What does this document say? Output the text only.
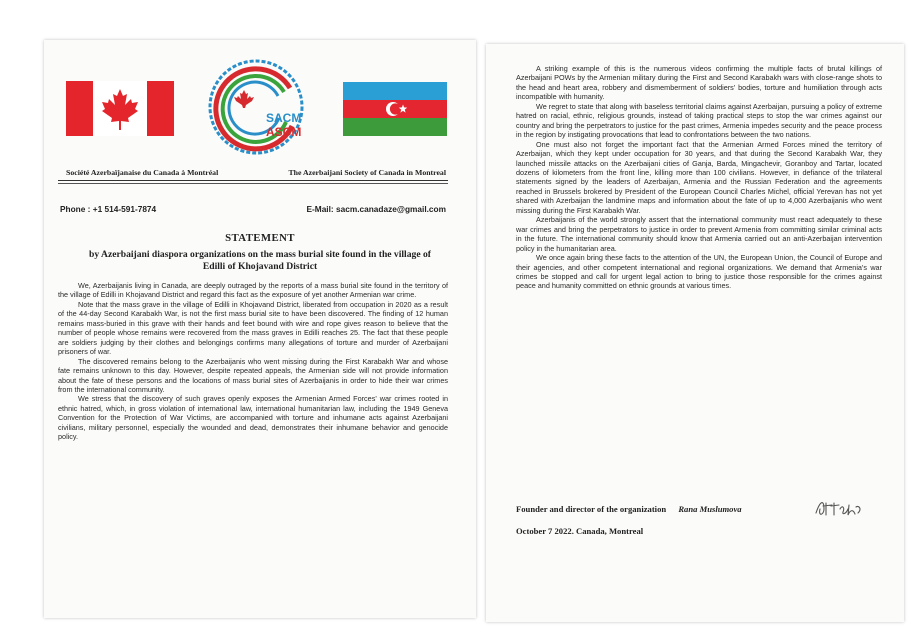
SACM
ASCM
Société Azerbaïjanaise du Canada à Montréal	The Azerbaijani Society of Canada in Montreal
Phone : +1 514-591-7874	E-Mail: sacm.canadaze@gmail.com
STATEMENT
by Azerbaijani diaspora organizations on the mass burial site found in the village of Edilli of Khojavand District

We, Azerbaijanis living in Canada, are deeply outraged by the reports of a mass burial site found in the territory of the village of Edilli in Khojavand District and regard this fact as the exposure of yet another Armenian war crime.

Note that the mass grave in the village of Edilli in Khojavand District, liberated from occupation in 2020 as a result of the 44-day Second Karabakh War, is not the first mass burial site to have been discovered. The finding of 12 human remains mass-buried in this grave with their hands and feet bound with wire and rope gives reason to believe that the number of people whose remains were recovered from the mass graves in Edilli reaches 25. The fact that these people are soldiers judging by their clothes and belongings confirms many allegations of torture and murder of Azerbaijani prisoners of war.

The discovered remains belong to the Azerbaijanis who went missing during the First Karabakh War and whose fate remains unknown to this day. However, despite repeated appeals, the Armenian side will not provide information about the fate of these persons and the locations of mass burial sites of Azerbaijanis in order to hide their war crimes from the international community.

We stress that the discovery of such graves openly exposes the Armenian Armed Forces' war crimes rooted in ethnic hatred, which, in gross violation of international law, international humanitarian law, including the 1949 Geneva Convention for the Protection of War Victims, are accompanied with torture and inhumane acts against Azerbaijani civilians, military personnel, especially the wounded and dead, demonstrates their inhumane behavior and genocide policy.

A striking example of this is the numerous videos confirming the multiple facts of brutal killings of Azerbaijani POWs by the Armenian military during the First and Second Karabakh wars with close-range shots to the head and heart area, robbery and dismemberment of soldiers' bodies, torture and humiliation through acts incompatible with humanity.

We regret to state that along with baseless territorial claims against Azerbaijan, pursuing a policy of extreme hatred on racial, ethnic, religious grounds, instead of taking practical steps to stop the war crimes against our country and bring the perpetrators to justice for the past crimes, Armenia impedes security and the peace process in the region by instigating provocations that lead to confrontations between the two nations.

One must also not forget the important fact that the Armenian Armed Forces mined the territory of Azerbaijan, which they kept under occupation for 30 years, and that during the Second Karabakh War, they launched missile attacks on the Azerbaijani cities of Ganja, Barda, Mingachevir, Goranboy and Tartar, located dozens of kilometers from the front line, killing more than 100 civilians. However, in defiance of the trilateral statements signed by the leaders of Azerbaijan, Armenia and the Russian Federation and the agreements reached in Brussels brokered by President of the European Council Charles Michel, official Yerevan has not yet shared with Azerbaijan the landmine maps and information about the fate of up to 4,000 Azerbaijanis who went missing during the First Karabakh War.

Azerbaijanis of the world strongly assert that the international community must react adequately to these war crimes and bring the perpetrators to justice in order to prevent Armenia from committing similar criminal acts in the future. The international community should know that Armenia carried out an anti-Azerbaijan intervention policy in the humanitarian area.

We once again bring these facts to the attention of the UN, the European Union, the Council of Europe and their agencies, and other competent international and regional organizations. We demand that Armenia's war crimes be stopped and call for urgent legal action to bring to justice those responsible for the crimes against peace and humanity committed on ethnic grounds at various times.

Founder and director of the organization Rana Muslumova
October 7 2022. Canada, Montreal
